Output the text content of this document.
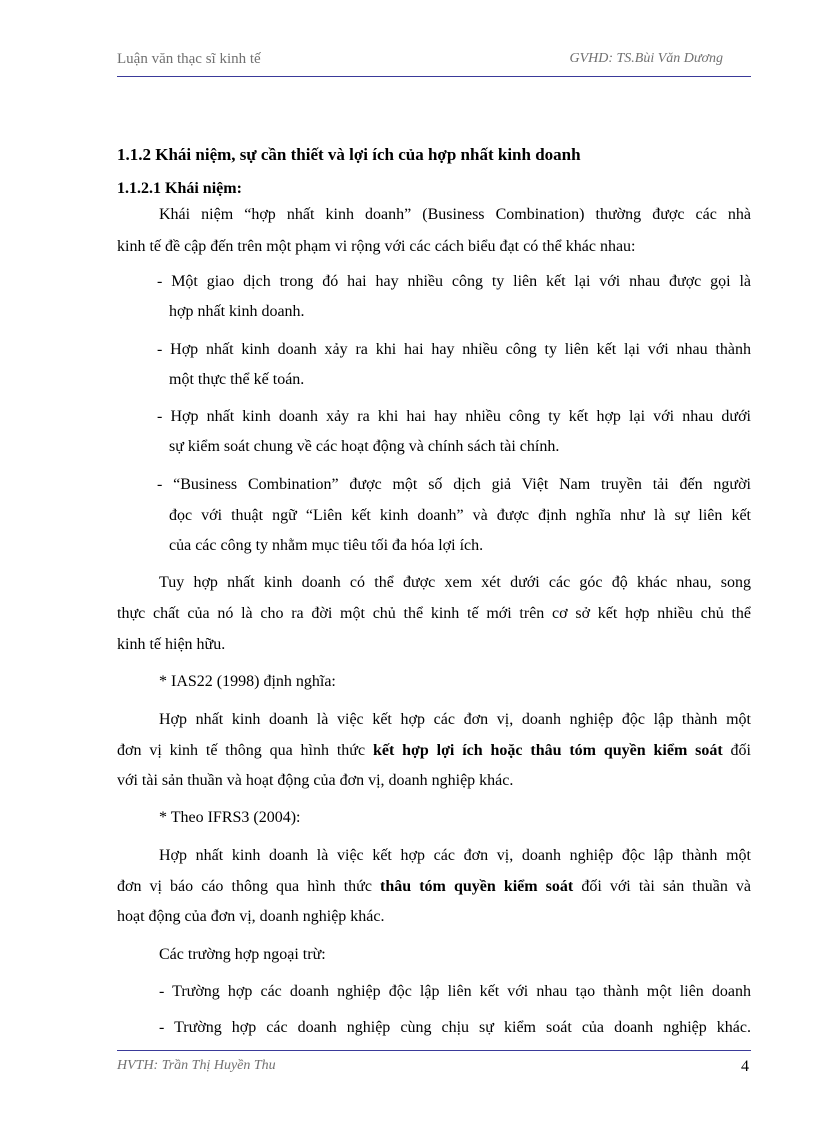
Luận văn thạc sĩ kinh tế	GVHD: TS.Bùi Văn Dương
1.1.2 Khái niệm, sự cần thiết và lợi ích của hợp nhất kinh doanh
1.1.2.1 Khái niệm:
Khái niệm “hợp nhất kinh doanh” (Business Combination) thường được các nhà
kinh tế đề cập đến trên một phạm vi rộng với các cách biểu đạt có thể khác nhau:
- Một giao dịch trong đó hai hay nhiều công ty liên kết lại với nhau được gọi là
hợp nhất kinh doanh.
- Hợp nhất kinh doanh xảy ra khi hai hay nhiều công ty liên kết lại với nhau thành
một thực thể kế toán.
- Hợp nhất kinh doanh xảy ra khi hai hay nhiều công ty kết hợp lại với nhau dưới
sự kiểm soát chung về các hoạt động và chính sách tài chính.
- “Business Combination” được một số dịch giả Việt Nam truyền tải đến người
đọc với thuật ngữ “Liên kết kinh doanh” và được định nghĩa như là sự liên kết
của các công ty nhằm mục tiêu tối đa hóa lợi ích.
Tuy hợp nhất kinh doanh có thể được xem xét dưới các góc độ khác nhau, song
thực chất của nó là cho ra đời một chủ thể kinh tế mới trên cơ sở kết hợp nhiều chủ thể
kinh tế hiện hữu.
* IAS22 (1998) định nghĩa:
Hợp nhất kinh doanh là việc kết hợp các đơn vị, doanh nghiệp độc lập thành một
đơn vị kinh tế thông qua hình thức kết hợp lợi ích hoặc thâu tóm quyền kiểm soát đối
với tài sản thuần và hoạt động của đơn vị, doanh nghiệp khác.
* Theo IFRS3 (2004):
Hợp nhất kinh doanh là việc kết hợp các đơn vị, doanh nghiệp độc lập thành một
đơn vị báo cáo thông qua hình thức thâu tóm quyền kiểm soát đối với tài sản thuần và
hoạt động của đơn vị, doanh nghiệp khác.
Các trường hợp ngoại trừ:
- Trường hợp các doanh nghiệp độc lập liên kết với nhau tạo thành một liên doanh
- Trường hợp các doanh nghiệp cùng chịu sự kiểm soát của doanh nghiệp khác.
HVTH: Trần Thị Huyền Thu	4
